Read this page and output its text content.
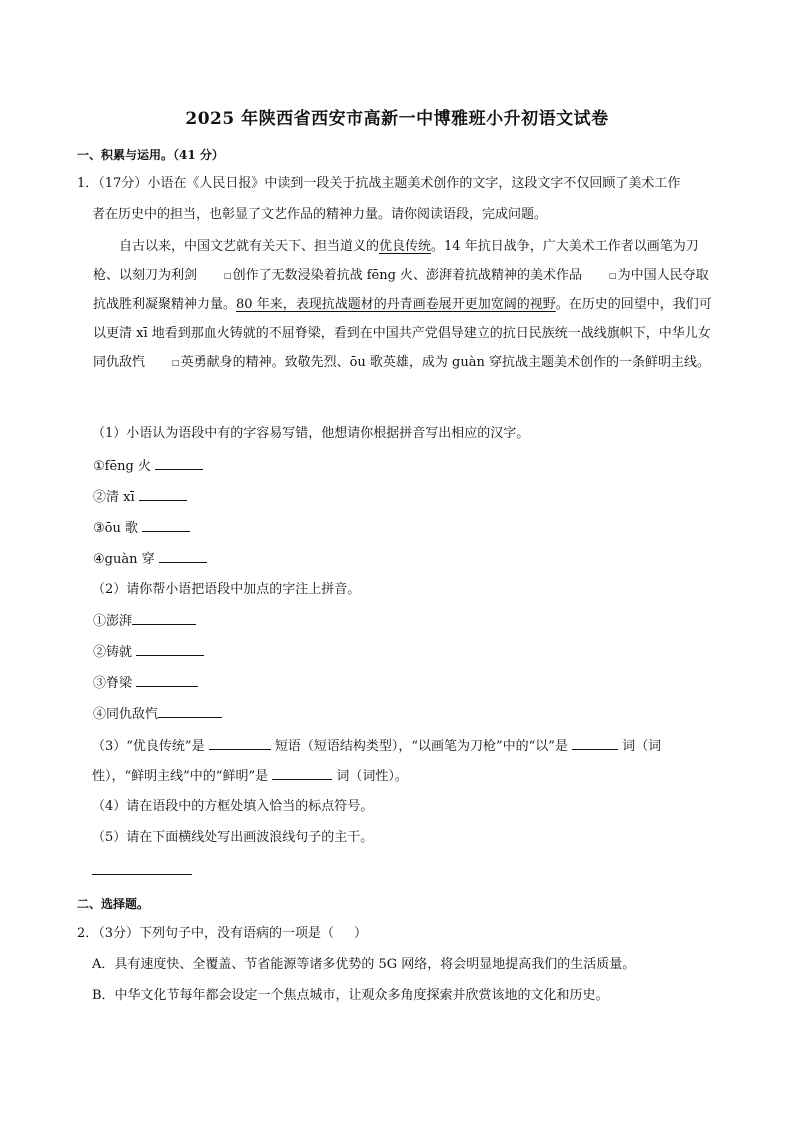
2025 年陕西省西安市高新一中博雅班小升初语文试卷
一、积累与运用。（41 分）
1．（17分）小语在《人民日报》中读到一段关于抗战主题美术创作的文字，这段文字不仅回顾了美术工作
者在历史中的担当，也彰显了文艺作品的精神力量。请你阅读语段，完成问题。
自古以来，中国文艺就有关天下、担当道义的优良传统。14 年抗日战争，广大美术工作者以画笔为刀枪、以刻刀为利剑	□创作了无数浸染着抗战 fēng 火、澎湃着抗战精神的美术作品	□为中国人民夺取抗战胜利凝聚精神力量。80 年来，表现抗战题材的丹青画卷展开更加宽阔的视野。在历史的回望中，我们可以更清 xī 地看到那血火铸就的不屈脊梁，看到在中国共产党倡导建立的抗日民族统一战线旗帜下，中华儿女同仇敌忾	□英勇献身的精神。致敬先烈、ōu 歌英雄，成为 guàn 穿抗战主题美术创作的一条鲜明主线。
（1）小语认为语段中有的字容易写错，他想请你根据拼音写出相应的汉字。
①fēng 火
②清 xī
③ōu 歌
④guàn 穿
（2）请你帮小语把语段中加点的字注上拼音。
①澎湃
②铸就
③脊梁
④同仇敌忾
（3）“优良传统”是	短语（短语结构类型），“以画笔为刀枪”中的“以”是	词（词
性），“鲜明主线”中的“鲜明”是	词（词性）。
（4）请在语段中的方框处填入恰当的标点符号。
（5）请在下面横线处写出画波浪线句子的主干。
二、选择题。
2．（3分）下列句子中，没有语病的一项是（ ）
A．具有速度快、全覆盖、节省能源等诸多优势的 5G 网络，将会明显地提高我们的生活质量。
B．中华文化节每年都会设定一个焦点城市，让观众多角度探索并欣赏该地的文化和历史。
